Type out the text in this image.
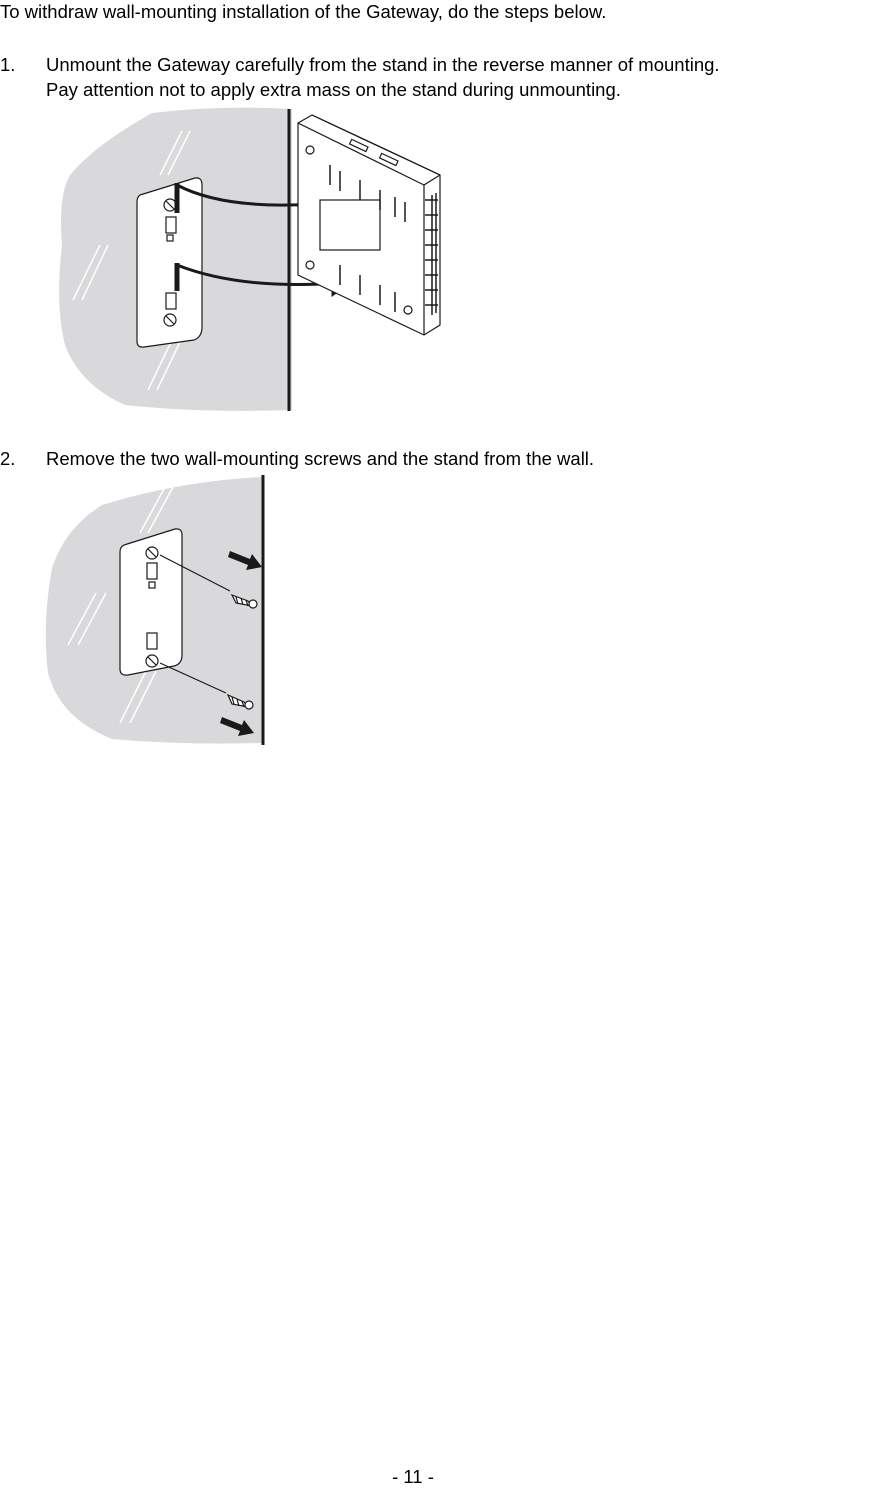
To withdraw wall-mounting installation of the Gateway, do the steps below.
1. Unmount the Gateway carefully from the stand in the reverse manner of mounting.
Pay attention not to apply extra mass on the stand during unmounting.
2. Remove the two wall-mounting screws and the stand from the wall.
- 11 -
